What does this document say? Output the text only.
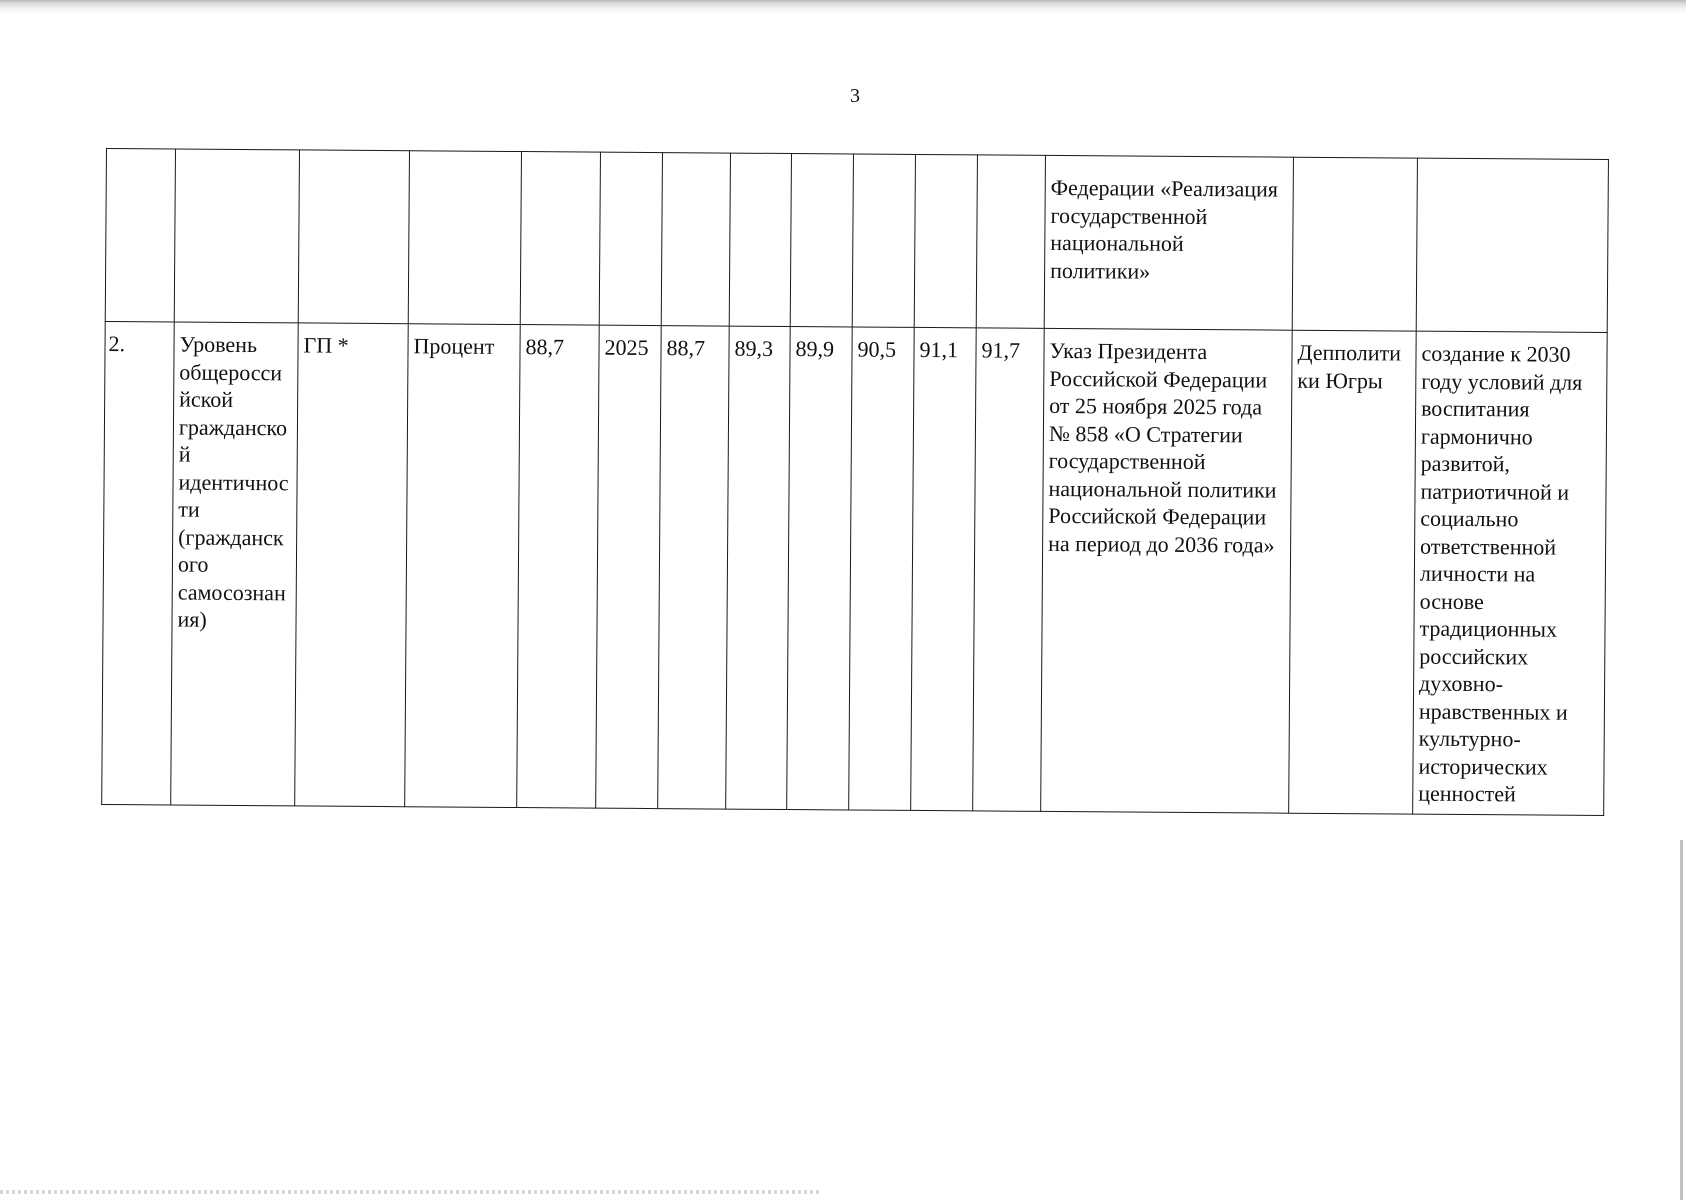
3
												Федерации «Реализация государственной национальной политики»		
2.	Уровень общероссийской гражданской идентичности (гражданского самосознания)	ГП *	Процент	88,7	2025	88,7	89,3	89,9	90,5	91,1	91,7	Указ Президента Российской Федерации от 25 ноября 2025 года № 858 «О Стратегии государственной национальной политики Российской Федерации на период до 2036 года»	Депполитики Югры	создание к 2030 году условий для воспитания гармонично развитой, патриотичной и социально ответственной личности на основе традиционных российских духовно-нравственных и культурно-исторических ценностей
